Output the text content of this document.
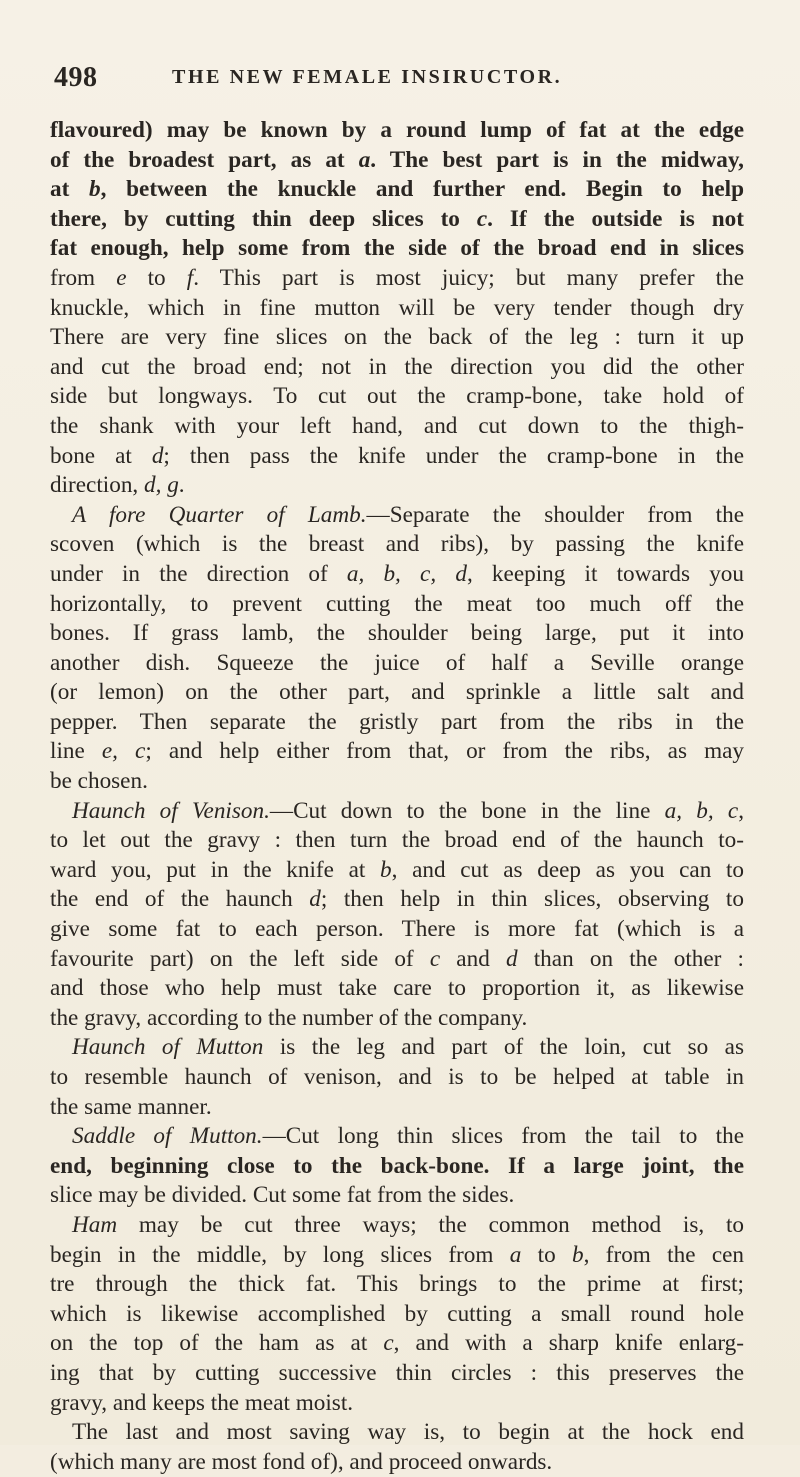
498	THE NEW FEMALE INSIRUCTOR.
flavoured) may be known by a round lump of fat at the edge
of the broadest part, as at a. The best part is in the midway,
at b, between the knuckle and further end. Begin to help
there, by cutting thin deep slices to c. If the outside is not
fat enough, help some from the side of the broad end in slices
from e to f. This part is most juicy; but many prefer the
knuckle, which in fine mutton will be very tender though dry
There are very fine slices on the back of the leg : turn it up
and cut the broad end; not in the direction you did the other
side but longways. To cut out the cramp-bone, take hold of
the shank with your left hand, and cut down to the thigh-
bone at d; then pass the knife under the cramp-bone in the
direction, d, g.
A fore Quarter of Lamb.—Separate the shoulder from the
scoven (which is the breast and ribs), by passing the knife
under in the direction of a, b, c, d, keeping it towards you
horizontally, to prevent cutting the meat too much off the
bones. If grass lamb, the shoulder being large, put it into
another dish. Squeeze the juice of half a Seville orange
(or lemon) on the other part, and sprinkle a little salt and
pepper. Then separate the gristly part from the ribs in the
line e, c; and help either from that, or from the ribs, as may
be chosen.
Haunch of Venison.—Cut down to the bone in the line a, b, c,
to let out the gravy : then turn the broad end of the haunch to-
ward you, put in the knife at b, and cut as deep as you can to
the end of the haunch d; then help in thin slices, observing to
give some fat to each person. There is more fat (which is a
favourite part) on the left side of c and d than on the other :
and those who help must take care to proportion it, as likewise
the gravy, according to the number of the company.
Haunch of Mutton is the leg and part of the loin, cut so as
to resemble haunch of venison, and is to be helped at table in
the same manner.
Saddle of Mutton.—Cut long thin slices from the tail to the
end, beginning close to the back-bone. If a large joint, the
slice may be divided. Cut some fat from the sides.
Ham may be cut three ways; the common method is, to
begin in the middle, by long slices from a to b, from the cen
tre through the thick fat. This brings to the prime at first;
which is likewise accomplished by cutting a small round hole
on the top of the ham as at c, and with a sharp knife enlarg-
ing that by cutting successive thin circles : this preserves the
gravy, and keeps the meat moist.
The last and most saving way is, to begin at the hock end
(which many are most fond of), and proceed onwards.
